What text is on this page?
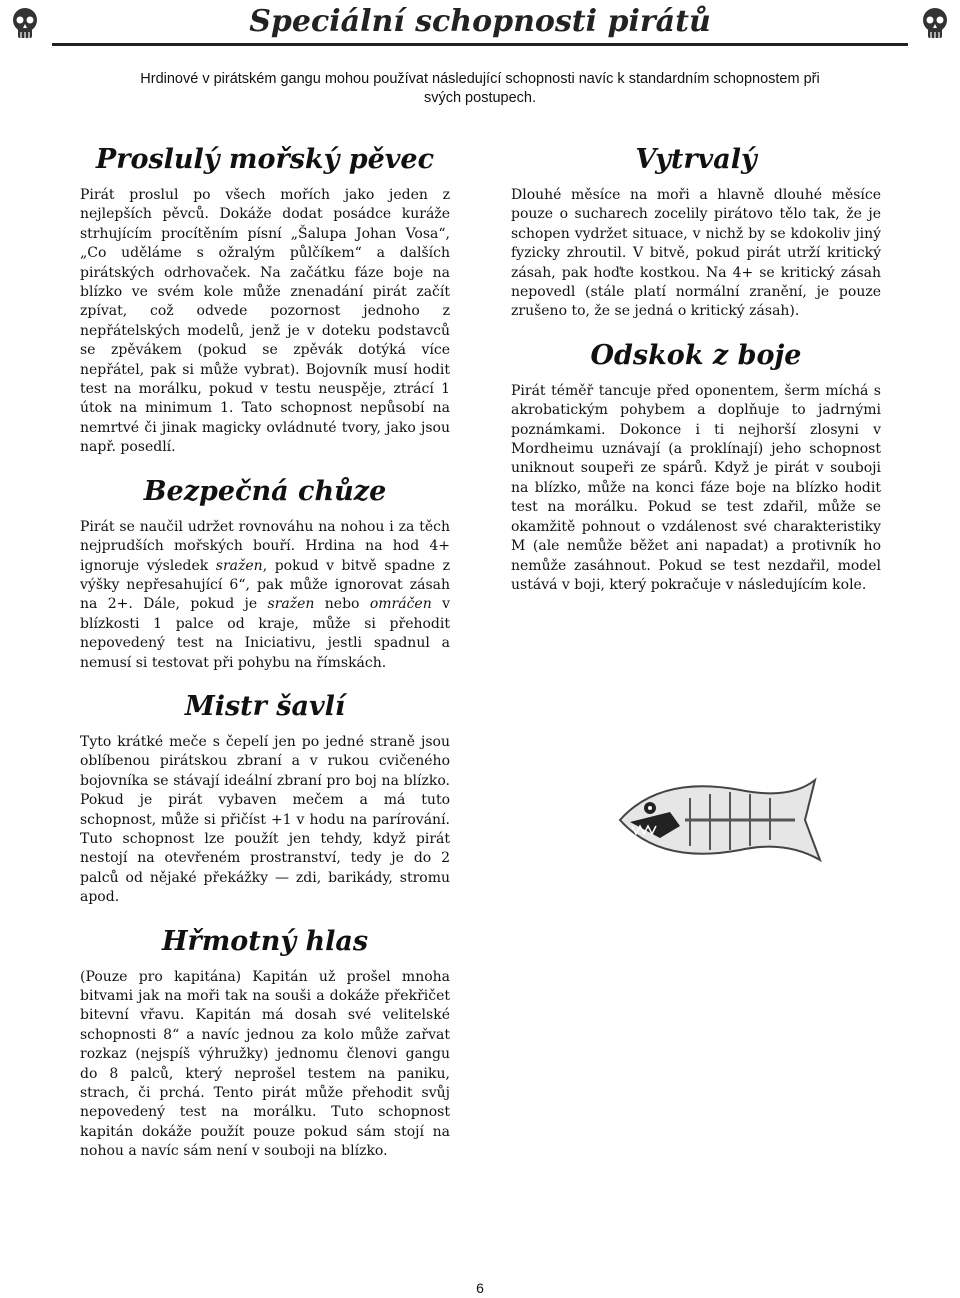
Speciální schopnosti pirátů

Hrdinové v pirátském gangu mohou používat následující schopnosti navíc k standardním schopnostem při svých postupech.

Proslulý mořský pěvec

Pirát proslul po všech mořích jako jeden z nejlepších pěvců. Dokáže dodat posádce kuráže strhujícím procítěním písní „Šalupa Johan Vosa“, „Co uděláme s ožralým půlčíkem“ a dalších pirátských odrhovaček. Na začátku fáze boje na blízko ve svém kole může znenadání pirát začít zpívat, což odvede pozornost jednoho z nepřátelských modelů, jenž je v doteku podstavců se zpěvákem (pokud se zpěvák dotýká více nepřátel, pak si může vybrat). Bojovník musí hodit test na morálku, pokud v testu neuspěje, ztrácí 1 útok na minimum 1. Tato schopnost nepůsobí na nemrtvé či jinak magicky ovládnuté tvory, jako jsou např. posedlí.

Bezpečná chůze

Pirát se naučil udržet rovnováhu na nohou i za těch nejprudších mořských bouří. Hrdina na hod 4+ ignoruje výsledek sražen, pokud v bitvě spadne z výšky nepřesahující 6“, pak může ignorovat zásah na 2+. Dále, pokud je sražen nebo omráčen v blízkosti 1 palce od kraje, může si přehodit nepovedený test na Iniciativu, jestli spadnul a nemusí si testovat při pohybu na římskách.

Mistr šavlí

Tyto krátké meče s čepelí jen po jedné straně jsou oblíbenou pirátskou zbraní a v rukou cvičeného bojovníka se stávají ideální zbraní pro boj na blízko. Pokud je pirát vybaven mečem a má tuto schopnost, může si přičíst +1 v hodu na parírování. Tuto schopnost lze použít jen tehdy, když pirát nestojí na otevřeném prostranství, tedy je do 2 palců od nějaké překážky — zdi, barikády, stromu apod.

Hřmotný hlas

(Pouze pro kapitána) Kapitán už prošel mnoha bitvami jak na moři tak na souši a dokáže překřičet bitevní vřavu. Kapitán má dosah své velitelské schopnosti 8“ a navíc jednou za kolo může zařvat rozkaz (nejspíš výhružky) jednomu členovi gangu do 8 palců, který neprošel testem na paniku, strach, či prchá. Tento pirát může přehodit svůj nepovedený test na morálku. Tuto schopnost kapitán dokáže použít pouze pokud sám stojí na nohou a navíc sám není v souboji na blízko.

Vytrvalý

Dlouhé měsíce na moři a hlavně dlouhé měsíce pouze o sucharech zocelily pirátovo tělo tak, že je schopen vydržet situace, v nichž by se kdokoliv jiný fyzicky zhroutil. V bitvě, pokud pirát utrží kritický zásah, pak hoďte kostkou. Na 4+ se kritický zásah nepovedl (stále platí normální zranění, je pouze zrušeno to, že se jedná o kritický zásah).

Odskok z boje

Pirát téměř tancuje před oponentem, šerm míchá s akrobatickým pohybem a doplňuje to jadrnými poznámkami. Dokonce i ti nejhorší zlosyni v Mordheimu uznávají (a proklínají) jeho schopnost uniknout soupeři ze spárů. Když je pirát v souboji na blízko, může na konci fáze boje na blízko hodit test na morálku. Pokud se test zdařil, může se okamžitě pohnout o vzdálenost své charakteristiky M (ale nemůže běžet ani napadat) a protivník ho nemůže zasáhnout. Pokud se test nezdařil, model ustává v boji, který pokračuje v následujícím kole.

6
